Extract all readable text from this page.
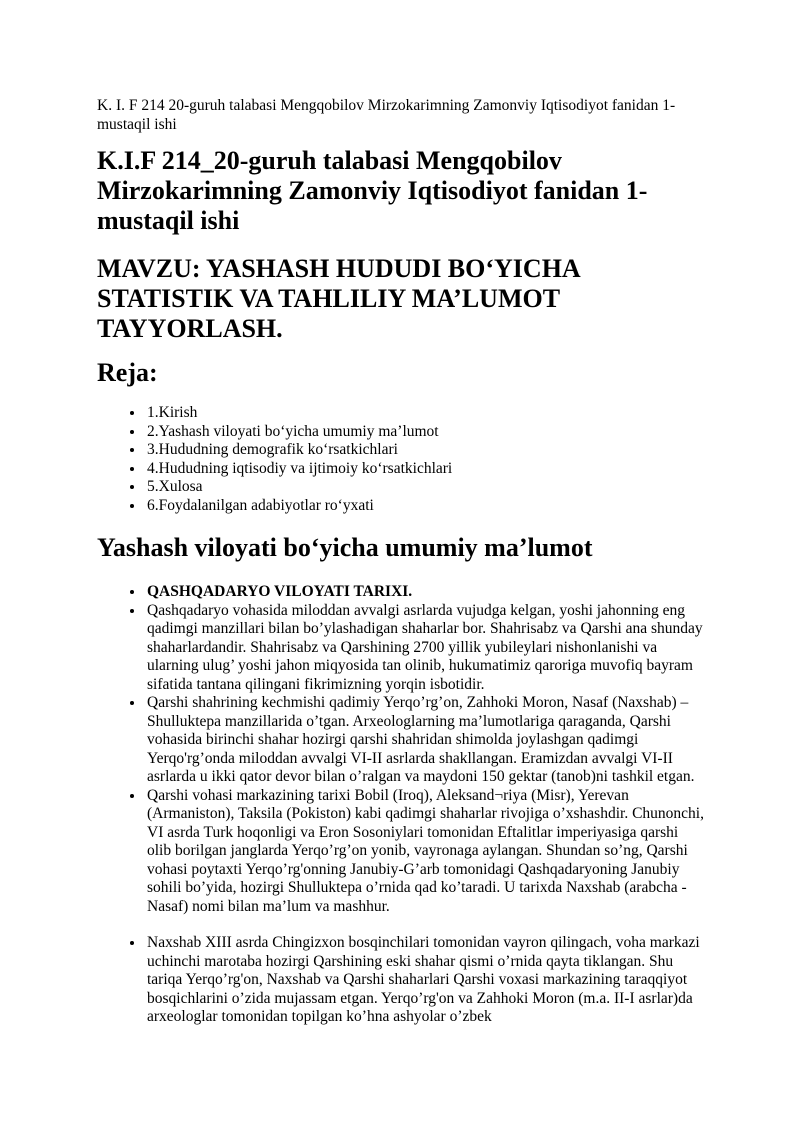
K. I. F 214 20-guruh talabasi Mengqobilov Mirzokarimning Zamonviy Iqtisodiyot fanidan 1-mustaqil ishi

K.I.F 214_20-guruh talabasi Mengqobilov Mirzokarimning Zamonviy Iqtisodiyot fanidan 1-mustaqil ishi
MAVZU: YASHASH HUDUDI BO‘YICHA STATISTIK VA TAHLILIY MA’LUMOT TAYYORLASH.
Reja:
• 1.Kirish
• 2.Yashash viloyati bo‘yicha umumiy ma’lumot
• 3.Hududning demografik ko‘rsatkichlari
• 4.Hududning iqtisodiy va ijtimoiy ko‘rsatkichlari
• 5.Xulosa
• 6.Foydalanilgan adabiyotlar ro‘yxati
Yashash viloyati bo‘yicha umumiy ma’lumot
• QASHQADARYO VILOYATI TARIXI.
• Qashqadaryo vohasida miloddan avvalgi asrlarda vujudga kelgan, yoshi jahonning eng qadimgi manzillari bilan bo’ylashadigan shaharlar bor. Shahrisabz va Qarshi ana shunday shaharlardandir. Shahrisabz va Qarshining 2700 yillik yubileylari nishonlanishi va ularning ulug’ yoshi jahon miqyosida tan olinib, hukumatimiz qaroriga muvofiq bayram sifatida tantana qilingani fikrimizning yorqin isbotidir.
• Qarshi shahrining kechmishi qadimiy Yerqo’rg’on, Zahhoki Moron, Nasaf (Naxshab) – Shulluktepa manzillarida o’tgan. Arxeologlarning ma’lumotlariga qaraganda, Qarshi vohasida birinchi shahar hozirgi qarshi shahridan shimolda joylashgan qadimgi Yerqo'rg’onda miloddan avvalgi VI-II asrlarda shakllangan. Eramizdan avvalgi VI-II asrlarda u ikki qator devor bilan o’ralgan va maydoni 150 gektar (tanob)ni tashkil etgan.
• Qarshi vohasi markazining tarixi Bobil (Iroq), Aleksand¬riya (Misr), Yerevan (Armaniston), Taksila (Pokiston) kabi qadimgi shaharlar rivojiga o’xshashdir. Chunonchi, VI asrda Turk hoqonligi va Eron Sosoniylari tomonidan Eftalitlar imperiyasiga qarshi olib borilgan janglarda Yerqo’rg’on yonib, vayronaga aylangan. Shundan so’ng, Qarshi vohasi poytaxti Yerqo’rg'onning Janubiy-G’arb tomonidagi Qashqadaryoning Janubiy sohili bo’yida, hozirgi Shulluktepa o’rnida qad ko’taradi. U tarixda Naxshab (arabcha - Nasaf) nomi bilan ma’lum va mashhur.
• Naxshab XIII asrda Chingizxon bosqinchilari tomonidan vayron qilingach, voha markazi uchinchi marotaba hozirgi Qarshining eski shahar qismi o’rnida qayta tiklangan. Shu tariqa Yerqo’rg'on, Naxshab va Qarshi shaharlari Qarshi voxasi markazining taraqqiyot bosqichlarini o’zida mujassam etgan. Yerqo’rg'on va Zahhoki Moron (m.a. II-I asrlar)da arxeologlar tomonidan topilgan ko’hna ashyolar o’zbek
